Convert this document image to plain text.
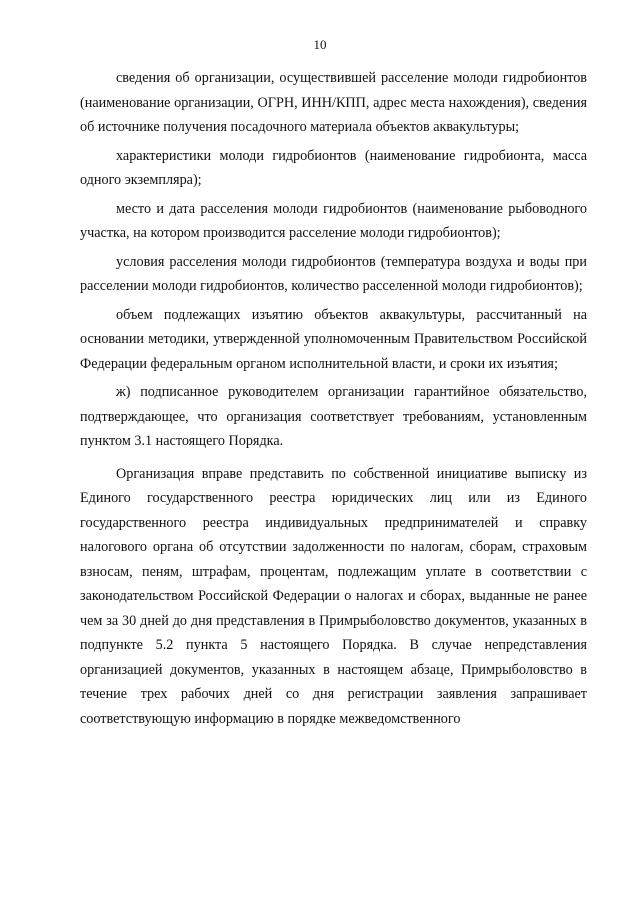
10

сведения об организации, осуществившей расселение молоди гидробионтов (наименование организации, ОГРН, ИНН/КПП, адрес места нахождения), сведения об источнике получения посадочного материала объектов аквакультуры;

характеристики молоди гидробионтов (наименование гидробионта, масса одного экземпляра);

место и дата расселения молоди гидробионтов (наименование рыбоводного участка, на котором производится расселение молоди гидробионтов);

условия расселения молоди гидробионтов (температура воздуха и воды при расселении молоди гидробионтов, количество расселенной молоди гидробионтов);

объем подлежащих изъятию объектов аквакультуры, рассчитанный на основании методики, утвержденной уполномоченным Правительством Российской Федерации федеральным органом исполнительной власти, и сроки их изъятия;

ж) подписанное руководителем организации гарантийное обязательство, подтверждающее, что организация соответствует требованиям, установленным пунктом 3.1 настоящего Порядка.

Организация вправе представить по собственной инициативе выписку из Единого государственного реестра юридических лиц или из Единого государственного реестра индивидуальных предпринимателей и справку налогового органа об отсутствии задолженности по налогам, сборам, страховым взносам, пеням, штрафам, процентам, подлежащим уплате в соответствии с законодательством Российской Федерации о налогах и сборах, выданные не ранее чем за 30 дней до дня представления в Примрыболовство документов, указанных в подпункте 5.2 пункта 5 настоящего Порядка. В случае непредставления организацией документов, указанных в настоящем абзаце, Примрыболовство в течение трех рабочих дней со дня регистрации заявления запрашивает соответствующую информацию в порядке межведомственного
